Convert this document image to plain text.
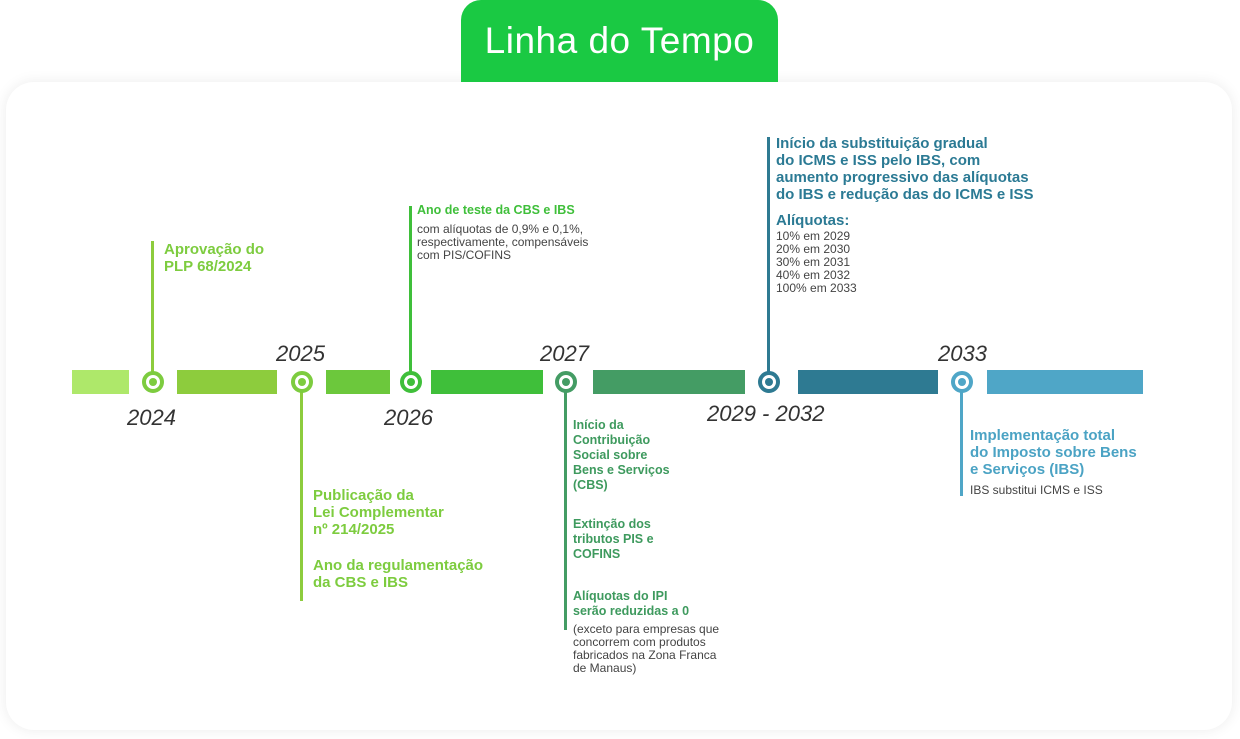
Linha do Tempo
2024
2025
2026
2027
2029 - 2032
2033
Aprovação do
PLP 68/2024
Publicação da
Lei Complementar
nº 214/2025
Ano da regulamentação
da CBS e IBS
Ano de teste da CBS e IBS
com alíquotas de 0,9% e 0,1%,
respectivamente, compensáveis
com PIS/COFINS
Início da
Contribuição
Social sobre
Bens e Serviços
(CBS)
Extinção dos
tributos PIS e
COFINS
Alíquotas do IPI
serão reduzidas a 0
(exceto para empresas que
concorrem com produtos
fabricados na Zona Franca
de Manaus)
Início da substituição gradual
do ICMS e ISS pelo IBS, com
aumento progressivo das alíquotas
do IBS e redução das do ICMS e ISS
Alíquotas:
10% em 2029
20% em 2030
30% em 2031
40% em 2032
100% em 2033
Implementação total
do Imposto sobre Bens
e Serviços (IBS)
IBS substitui ICMS e ISS
